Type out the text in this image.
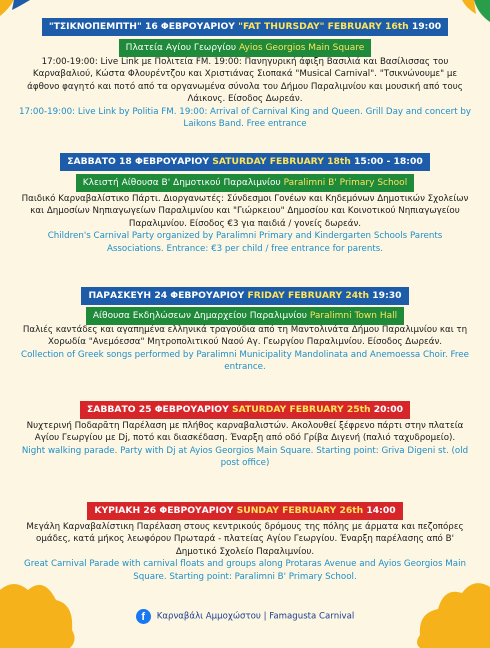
"ΤΣΙΚΝΟΠΕΜΠΤΗ" 16 ΦΕΒΡΟΥΑΡΙΟΥ "FAT THURSDAY" FEBRUARY 16th 19:00
Πλατεία Αγίου Γεωργίου Ayios Georgios Main Square
17:00-19:00: Live Link με Πολιτεία FM. 19:00: Πανηγυρική άφιξη Βασιλιά και Βασίλισσας του Καρναβαλιού, Κώστα Φλουρέντζου και Χριστιάνας Σιοπακά "Musical Carnival". "Τσικνώνουμε" με άφθονο φαγητό και ποτό από τα οργανωμένα σύνολα του Δήμου Παραλιμνίου και μουσική από τους Λάικονς. Είσοδος Δωρεάν.
17:00-19:00: Live Link by Politia FM. 19:00: Arrival of Carnival King and Queen. Grill Day and concert by Laikons Band. Free entrance
ΣΑΒΒΑΤΟ 18 ΦΕΒΡΟΥΑΡΙΟΥ SATURDAY FEBRUARY 18th 15:00 - 18:00
Κλειστή Αίθουσα Β' Δημοτικού Παραλιμνίου Paralimni B' Primary School
Παιδικό Καρναβαλίστικο Πάρτι. Διοργανωτές: Σύνδεσμοι Γονέων και Κηδεμόνων Δημοτικών Σχολείων και Δημοσίων Νηπιαγωγείων Παραλιμνίου και "Γιώρκειου" Δημοσίου και Κοινοτικού Νηπιαγωγείου Παραλιμνίου. Είσοδος €3 για παιδιά / γονείς δωρεάν.
Children's Carnival Party organized by Paralimni Primary and Kindergarten Schools Parents Associations. Entrance: €3 per child / free entrance for parents.
ΠΑΡΑΣΚΕΥΗ 24 ΦΕΒΡΟΥΑΡΙΟΥ FRIDAY FEBRUARY 24th 19:30
Αίθουσα Εκδηλώσεων Δημαρχείου Παραλιμνίου Paralimni Town Hall
Παλιές καντάδες και αγαπημένα ελληνικά τραγούδια από τη Μαντολινάτα Δήμου Παραλιμνίου και τη Χορωδία "Ανεμόεσσα" Μητροπολιτικού Ναού Αγ. Γεωργίου Παραλιμνίου. Είσοδος Δωρεάν.
Collection of Greek songs performed by Paralimni Municipality Mandolinata and Anemoessa Choir. Free entrance.
ΣΑΒΒΑΤΟ 25 ΦΕΒΡΟΥΑΡΙΟΥ SATURDAY FEBRUARY 25th 20:00
Νυχτερινή Ποδαρᾶτη Παρέλαση με πλήθος καρναβαλιστών. Ακολουθεί ξέφρενο πάρτι στην πλατεία Αγίου Γεωργίου με Dj, ποτό και διασκέδαση. Έναρξη από οδό Γρίβα Διγενή (παλιό ταχυδρομείο).
Night walking parade. Party with Dj at Ayios Georgios Main Square. Starting point: Griva Digeni st. (old post office)
ΚΥΡΙΑΚΗ 26 ΦΕΒΡΟΥΑΡΙΟΥ SUNDAY FEBRUARY 26th 14:00
Μεγάλη Καρναβαλίστικη Παρέλαση στους κεντρικούς δρόμους της πόλης με άρματα και πεζοπόρες ομάδες, κατά μήκος λεωφόρου Πρωταρά - πλατείας Αγίου Γεωργίου. Έναρξη παρέλασης από Β' Δημοτικό Σχολείο Παραλιμνίου.
Great Carnival Parade with carnival floats and groups along Protaras Avenue and Ayios Georgios Main Square. Starting point: Paralimni B' Primary School.
f Καρναβάλι Αμμοχώστου | Famagusta Carnival
